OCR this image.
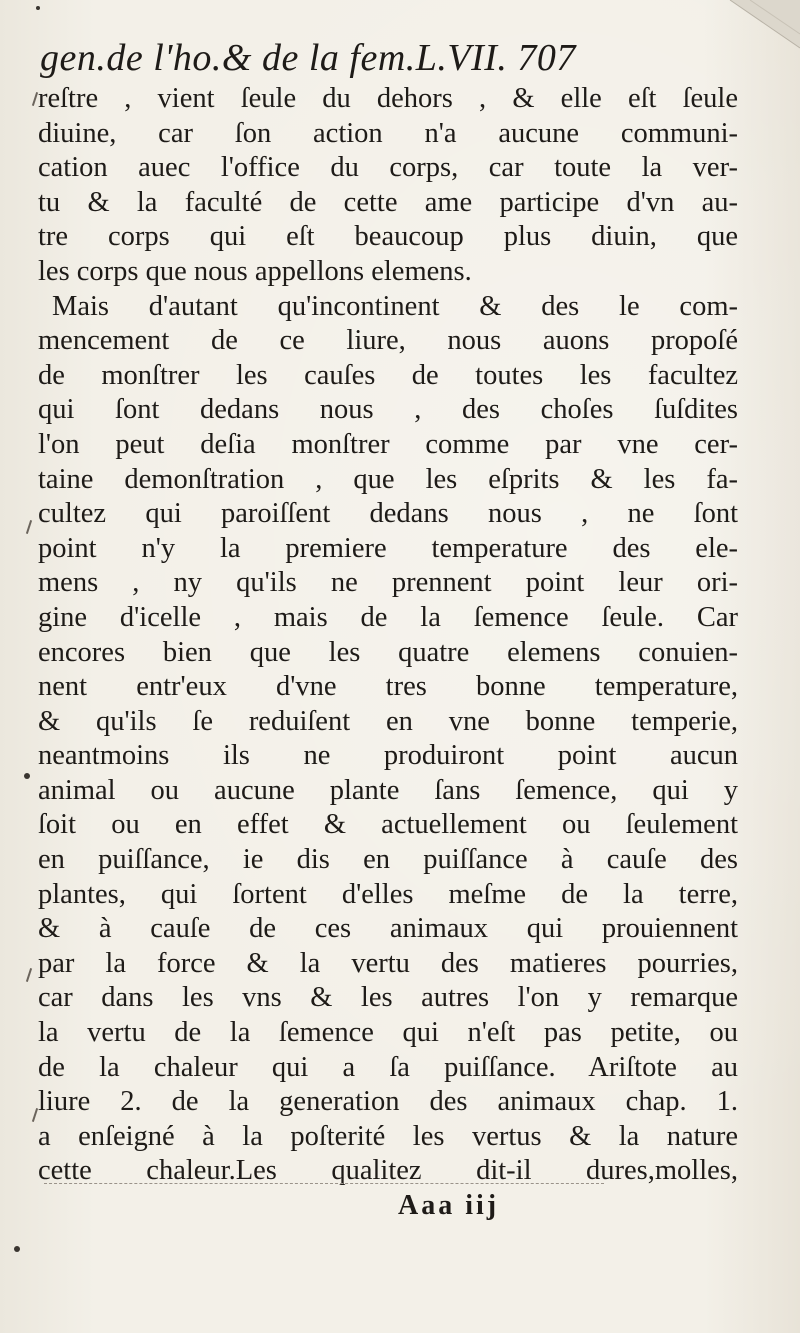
gen.de l'ho.& de la fem.L.VII. 707
reſtre , vient ſeule du dehors , & elle eſt ſeule
diuine, car ſon action n'a aucune communi-
cation auec l'office du corps, car toute la ver-
tu & la faculté de cette ame participe d'vn au-
tre corps qui eſt beaucoup plus diuin, que
les corps que nous appellons elemens.
Mais d'autant qu'incontinent & des le com-
mencement de ce liure, nous auons propoſé
de monſtrer les cauſes de toutes les facultez
qui ſont dedans nous , des choſes ſuſdites
l'on peut deſia monſtrer comme par vne cer-
taine demonſtration , que les eſprits & les fa-
cultez qui paroiſſent dedans nous , ne ſont
point n'y la premiere temperature des ele-
mens , ny qu'ils ne prennent point leur ori-
gine d'icelle , mais de la ſemence ſeule. Car
encores bien que les quatre elemens conuien-
nent entr'eux d'vne tres bonne temperature,
& qu'ils ſe reduiſent en vne bonne temperie,
neantmoins ils ne produiront point aucun
animal ou aucune plante ſans ſemence, qui y
ſoit ou en effet & actuellement ou ſeulement
en puiſſance, ie dis en puiſſance à cauſe des
plantes, qui ſortent d'elles meſme de la terre,
& à cauſe de ces animaux qui prouiennent
par la force & la vertu des matieres pourries,
car dans les vns & les autres l'on y remarque
la vertu de la ſemence qui n'eſt pas petite, ou
de la chaleur qui a ſa puiſſance. Ariſtote au
liure 2. de la generation des animaux chap. 1.
a enſeigné à la poſterité les vertus & la nature
cette chaleur.Les qualitez dit-il dures,molles,
Aaa iij
